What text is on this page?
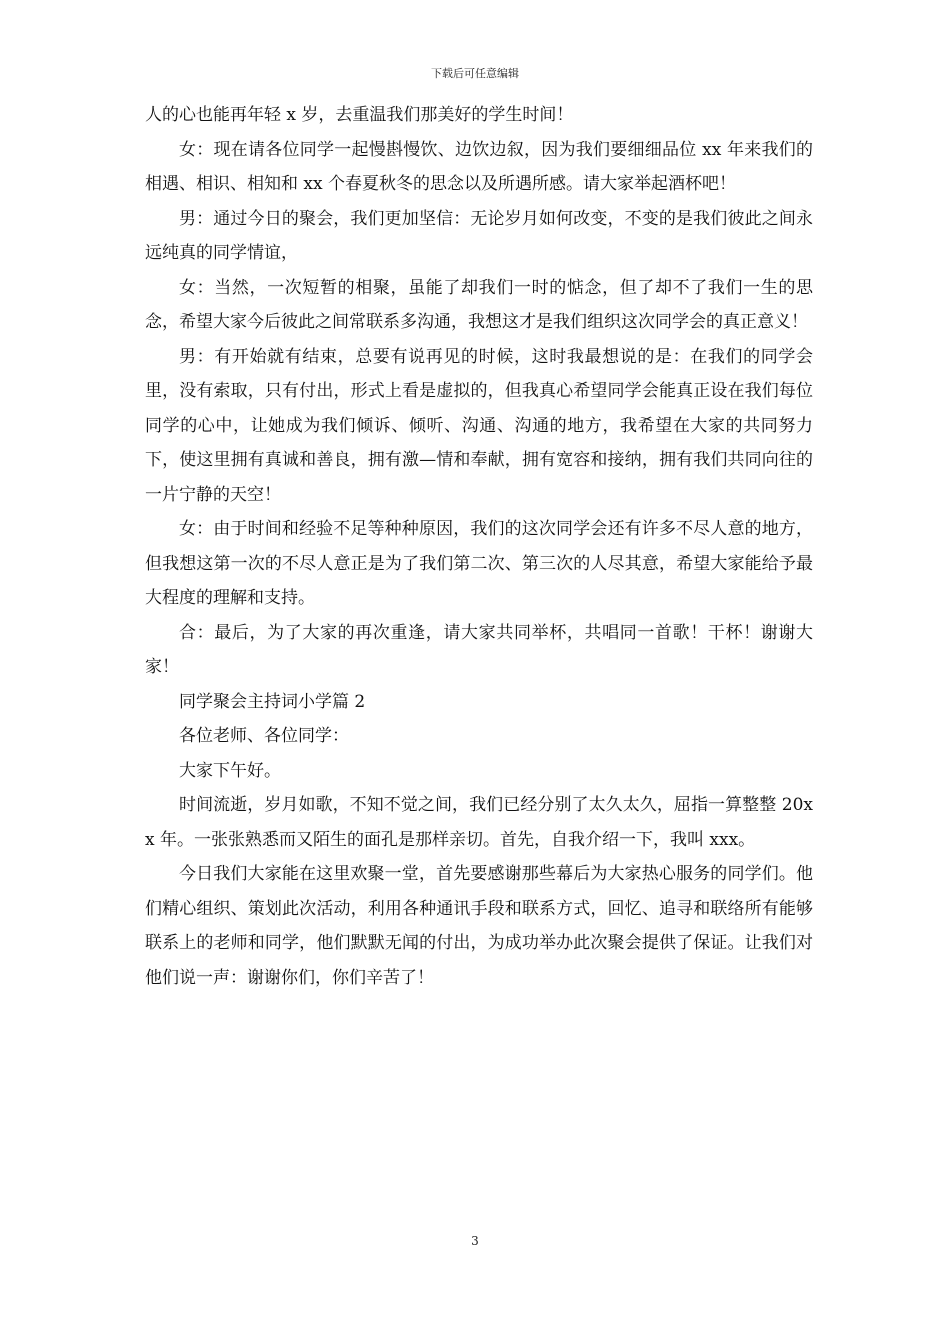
下载后可任意编辑

人的心也能再年轻 x 岁，去重温我们那美好的学生时间！

女：现在请各位同学一起慢斟慢饮、边饮边叙，因为我们要细细品位 xx 年来我们的相遇、相识、相知和 xx 个春夏秋冬的思念以及所遇所感。请大家举起酒杯吧！

男：通过今日的聚会，我们更加坚信：无论岁月如何改变，不变的是我们彼此之间永远纯真的同学情谊，

女：当然，一次短暂的相聚，虽能了却我们一时的惦念，但了却不了我们一生的思念，希望大家今后彼此之间常联系多沟通，我想这才是我们组织这次同学会的真正意义！

男：有开始就有结束，总要有说再见的时候，这时我最想说的是：在我们的同学会里，没有索取，只有付出，形式上看是虚拟的，但我真心希望同学会能真正设在我们每位同学的心中，让她成为我们倾诉、倾听、沟通、沟通的地方，我希望在大家的共同努力下，使这里拥有真诚和善良，拥有激—情和奉献，拥有宽容和接纳，拥有我们共同向往的一片宁静的天空！

女：由于时间和经验不足等种种原因，我们的这次同学会还有许多不尽人意的地方，但我想这第一次的不尽人意正是为了我们第二次、第三次的人尽其意，希望大家能给予最大程度的理解和支持。

合：最后，为了大家的再次重逢，请大家共同举杯，共唱同一首歌！干杯！谢谢大家！

同学聚会主持词小学篇 2

各位老师、各位同学：

大家下午好。

时间流逝，岁月如歌，不知不觉之间，我们已经分别了太久太久，屈指一算整整 20xx 年。一张张熟悉而又陌生的面孔是那样亲切。首先，自我介绍一下，我叫 xxx。

今日我们大家能在这里欢聚一堂，首先要感谢那些幕后为大家热心服务的同学们。他们精心组织、策划此次活动，利用各种通讯手段和联系方式，回忆、追寻和联络所有能够联系上的老师和同学，他们默默无闻的付出，为成功举办此次聚会提供了保证。让我们对他们说一声：谢谢你们，你们辛苦了！

3
